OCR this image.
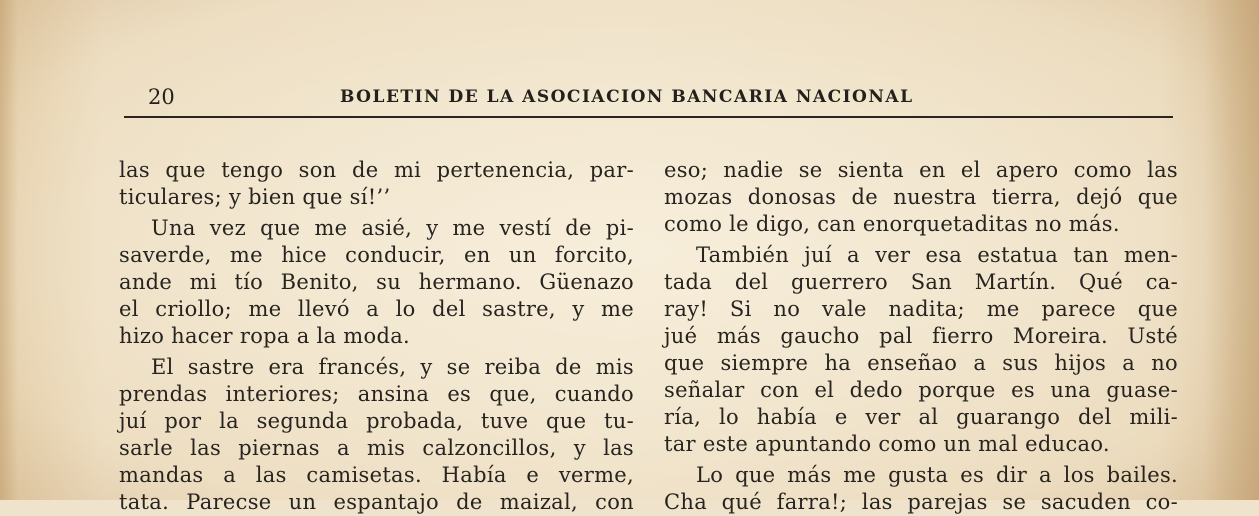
20	BOLETIN DE LA ASOCIACION BANCARIA NACIONAL
las que tengo son de mi pertenencia, par-
ticulares; y bien que sí!’’
Una vez que me asié, y me vestí de pi-
saverde, me hice conducir, en un forcito,
ande mi tío Benito, su hermano. Güenazo
el criollo; me llevó a lo del sastre, y me
hizo hacer ropa a la moda.
El sastre era francés, y se reiba de mis
prendas interiores; ansina es que, cuando
juí por la segunda probada, tuve que tu-
sarle las piernas a mis calzoncillos, y las
mandas a las camisetas. Había e verme,
tata. Parecse un espantajo de maizal, con
eso; nadie se sienta en el apero como las
mozas donosas de nuestra tierra, dejó que
como le digo, can enorquetaditas no más.
También juí a ver esa estatua tan men-
tada del guerrero San Martín. Qué ca-
ray! Si no vale nadita; me parece que
jué más gaucho pal fierro Moreira. Usté
que siempre ha enseñao a sus hijos a no
señalar con el dedo porque es una guase-
ría, lo había e ver al guarango del mili-
tar este apuntando como un mal educao.
Lo que más me gusta es dir a los bailes.
Cha qué farra!; las parejas se sacuden co-
